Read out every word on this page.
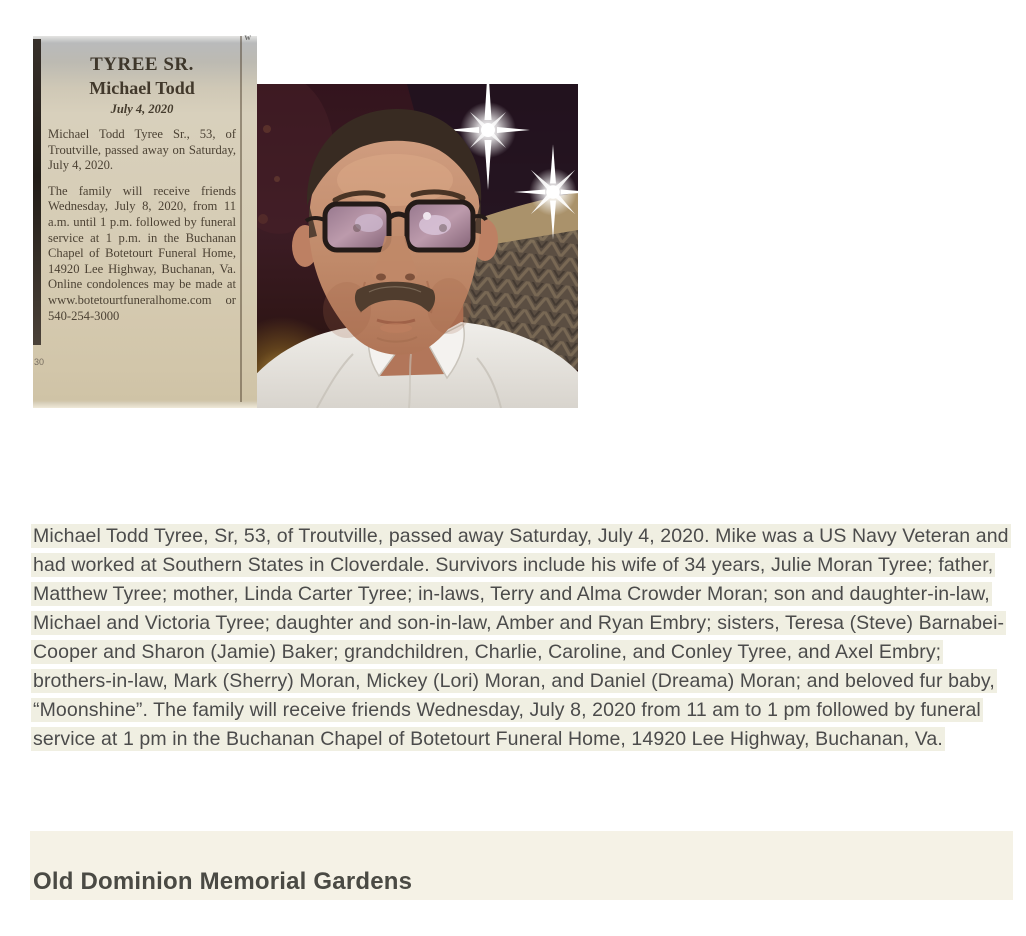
w
30
TYREE SR.
Michael Todd
July 4, 2020

Michael Todd Tyree Sr., 53, of Troutville, passed away on Saturday, July 4, 2020.

The family will receive friends Wednesday, July 8, 2020, from 11 a.m. until 1 p.m. followed by funeral service at 1 p.m. in the Buchanan Chapel of Botetourt Funeral Home, 14920 Lee Highway, Buchanan, Va. Online condolences may be made at www.botetourtfuneralhome.com or 540-254-3000

Michael Todd Tyree, Sr, 53, of Troutville, passed away Saturday, July 4, 2020. Mike was a US Navy Veteran and had worked at Southern States in Cloverdale. Survivors include his wife of 34 years, Julie Moran Tyree; father, Matthew Tyree; mother, Linda Carter Tyree; in-laws, Terry and Alma Crowder Moran; son and daughter-in-law, Michael and Victoria Tyree; daughter and son-in-law, Amber and Ryan Embry; sisters, Teresa (Steve) Barnabei-Cooper and Sharon (Jamie) Baker; grandchildren, Charlie, Caroline, and Conley Tyree, and Axel Embry; brothers-in-law, Mark (Sherry) Moran, Mickey (Lori) Moran, and Daniel (Dreama) Moran; and beloved fur baby, “Moonshine”. The family will receive friends Wednesday, July 8, 2020 from 11 am to 1 pm followed by funeral service at 1 pm in the Buchanan Chapel of Botetourt Funeral Home, 14920 Lee Highway, Buchanan, Va.

Old Dominion Memorial Gardens
